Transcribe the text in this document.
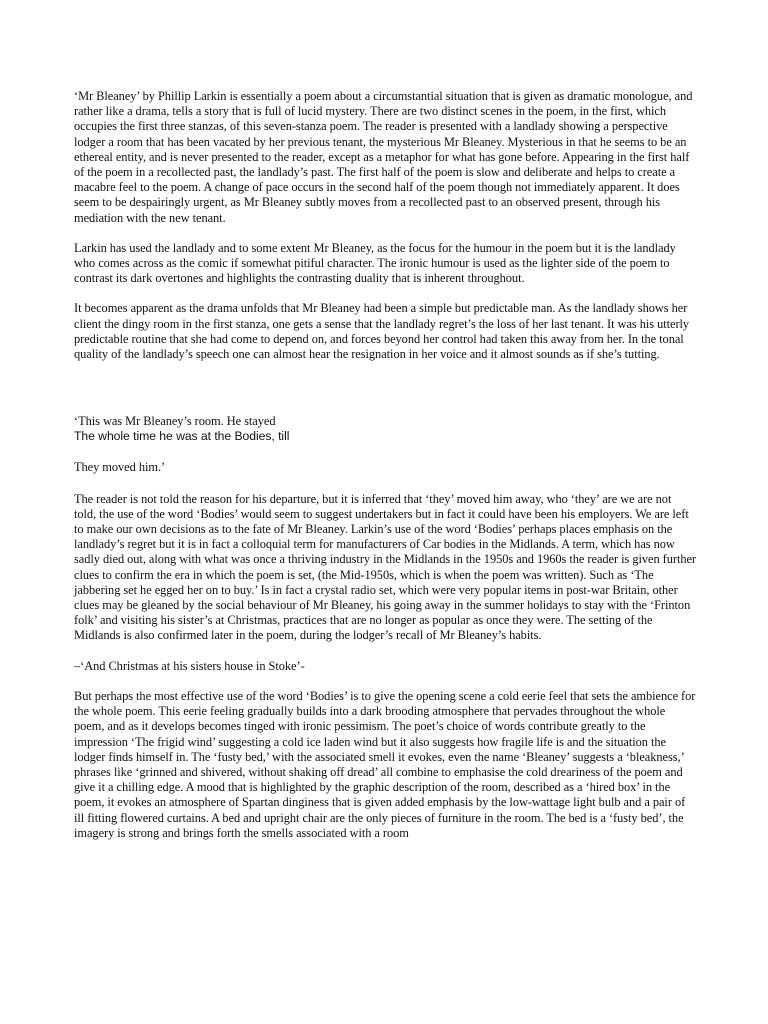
‘Mr Bleaney’ by Phillip Larkin is essentially a poem about a circumstantial situation that is given as dramatic monologue, and rather like a drama, tells a story that is full of lucid mystery. There are two distinct scenes in the poem, in the first, which occupies the first three stanzas, of this seven-stanza poem. The reader is presented with a landlady showing a perspective lodger a room that has been vacated by her previous tenant, the mysterious Mr Bleaney. Mysterious in that he seems to be an ethereal entity, and is never presented to the reader, except as a metaphor for what has gone before. Appearing in the first half of the poem in a recollected past, the landlady’s past. The first half of the poem is slow and deliberate and helps to create a macabre feel to the poem. A change of pace occurs in the second half of the poem though not immediately apparent. It does seem to be despairingly urgent, as Mr Bleaney subtly moves from a recollected past to an observed present, through his mediation with the new tenant.

Larkin has used the landlady and to some extent Mr Bleaney, as the focus for the humour in the poem but it is the landlady who comes across as the comic if somewhat pitiful character. The ironic humour is used as the lighter side of the poem to contrast its dark overtones and highlights the contrasting duality that is inherent throughout.

It becomes apparent as the drama unfolds that Mr Bleaney had been a simple but predictable man. As the landlady shows her client the dingy room in the first stanza, one gets a sense that the landlady regret’s the loss of her last tenant. It was his utterly predictable routine that she had come to depend on, and forces beyond her control had taken this away from her. In the tonal quality of the landlady’s speech one can almost hear the resignation in her voice and it almost sounds as if she’s tutting.

‘This was Mr Bleaney’s room. He stayed
The whole time he was at the Bodies, till
They moved him.’

The reader is not told the reason for his departure, but it is inferred that ‘they’ moved him away, who ‘they’ are we are not told, the use of the word ‘Bodies’ would seem to suggest undertakers but in fact it could have been his employers. We are left to make our own decisions as to the fate of Mr Bleaney. Larkin’s use of the word ‘Bodies’ perhaps places emphasis on the landlady’s regret but it is in fact a colloquial term for manufacturers of Car bodies in the Midlands. A term, which has now sadly died out, along with what was once a thriving industry in the Midlands in the 1950s and 1960s the reader is given further clues to confirm the era in which the poem is set, (the Mid-1950s, which is when the poem was written). Such as ‘The jabbering set he egged her on to buy.’ Is in fact a crystal radio set, which were very popular items in post-war Britain, other clues may be gleaned by the social behaviour of Mr Bleaney, his going away in the summer holidays to stay with the ‘Frinton folk’ and visiting his sister’s at Christmas, practices that are no longer as popular as once they were. The setting of the Midlands is also confirmed later in the poem, during the lodger’s recall of Mr Bleaney’s habits.

–‘And Christmas at his sisters house in Stoke’-

But perhaps the most effective use of the word ‘Bodies’ is to give the opening scene a cold eerie feel that sets the ambience for the whole poem. This eerie feeling gradually builds into a dark brooding atmosphere that pervades throughout the whole poem, and as it develops becomes tinged with ironic pessimism. The poet’s choice of words contribute greatly to the impression ‘The frigid wind’ suggesting a cold ice laden wind but it also suggests how fragile life is and the situation the lodger finds himself in. The ‘fusty bed,’ with the associated smell it evokes, even the name ‘Bleaney’ suggests a ‘bleakness,’ phrases like ‘grinned and shivered, without shaking off dread’ all combine to emphasise the cold dreariness of the poem and give it a chilling edge. A mood that is highlighted by the graphic description of the room, described as a ‘hired box’ in the poem, it evokes an atmosphere of Spartan dinginess that is given added emphasis by the low-wattage light bulb and a pair of ill fitting flowered curtains. A bed and upright chair are the only pieces of furniture in the room. The bed is a ‘fusty bed’, the imagery is strong and brings forth the smells associated with a room
